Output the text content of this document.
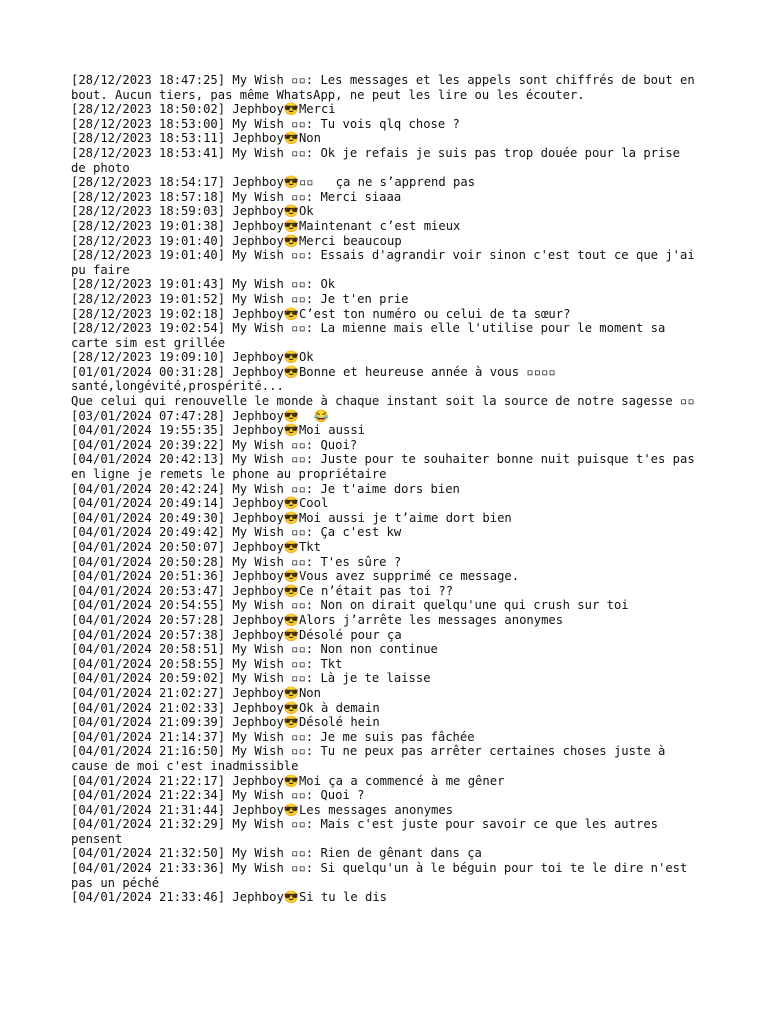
[28/12/2023 18:47:25] My Wish ▫▫: Les messages et les appels sont chiffrés de bout en bout. Aucun tiers, pas même WhatsApp, ne peut les lire ou les écouter.
[28/12/2023 18:50:02] Jephboy😎Merci
[28/12/2023 18:53:00] My Wish ▫▫: Tu vois qlq chose ?
[28/12/2023 18:53:11] Jephboy😎Non
[28/12/2023 18:53:41] My Wish ▫▫: Ok je refais je suis pas trop douée pour la prise de photo
[28/12/2023 18:54:17] Jephboy😎▫▫   ça ne s’apprend pas
[28/12/2023 18:57:18] My Wish ▫▫: Merci siaaa
[28/12/2023 18:59:03] Jephboy😎Ok
[28/12/2023 19:01:38] Jephboy😎Maintenant c’est mieux
[28/12/2023 19:01:40] Jephboy😎Merci beaucoup
[28/12/2023 19:01:40] My Wish ▫▫: Essais d'agrandir voir sinon c'est tout ce que j'ai pu faire
[28/12/2023 19:01:43] My Wish ▫▫: Ok
[28/12/2023 19:01:52] My Wish ▫▫: Je t'en prie
[28/12/2023 19:02:18] Jephboy😎C’est ton numéro ou celui de ta sœur?
[28/12/2023 19:02:54] My Wish ▫▫: La mienne mais elle l'utilise pour le moment sa carte sim est grillée
[28/12/2023 19:09:10] Jephboy😎Ok
[01/01/2024 00:31:28] Jephboy😎Bonne et heureuse année à vous ▫▫▫▫
santé,longévité,prospérité...
Que celui qui renouvelle le monde à chaque instant soit la source de notre sagesse ▫▫
[03/01/2024 07:47:28] Jephboy😎  😂
[04/01/2024 19:55:35] Jephboy😎Moi aussi
[04/01/2024 20:39:22] My Wish ▫▫: Quoi?
[04/01/2024 20:42:13] My Wish ▫▫: Juste pour te souhaiter bonne nuit puisque t'es pas en ligne je remets le phone au propriétaire
[04/01/2024 20:42:24] My Wish ▫▫: Je t'aime dors bien
[04/01/2024 20:49:14] Jephboy😎Cool
[04/01/2024 20:49:30] Jephboy😎Moi aussi je t’aime dort bien
[04/01/2024 20:49:42] My Wish ▫▫: Ça c'est kw
[04/01/2024 20:50:07] Jephboy😎Tkt
[04/01/2024 20:50:28] My Wish ▫▫: T'es sûre ?
[04/01/2024 20:51:36] Jephboy😎Vous avez supprimé ce message.
[04/01/2024 20:53:47] Jephboy😎Ce n’était pas toi ??
[04/01/2024 20:54:55] My Wish ▫▫: Non on dirait quelqu'une qui crush sur toi
[04/01/2024 20:57:28] Jephboy😎Alors j’arrête les messages anonymes
[04/01/2024 20:57:38] Jephboy😎Désolé pour ça
[04/01/2024 20:58:51] My Wish ▫▫: Non non continue
[04/01/2024 20:58:55] My Wish ▫▫: Tkt
[04/01/2024 20:59:02] My Wish ▫▫: Là je te laisse
[04/01/2024 21:02:27] Jephboy😎Non
[04/01/2024 21:02:33] Jephboy😎Ok à demain
[04/01/2024 21:09:39] Jephboy😎Désolé hein
[04/01/2024 21:14:37] My Wish ▫▫: Je me suis pas fâchée
[04/01/2024 21:16:50] My Wish ▫▫: Tu ne peux pas arrêter certaines choses juste à cause de moi c'est inadmissible
[04/01/2024 21:22:17] Jephboy😎Moi ça a commencé à me gêner
[04/01/2024 21:22:34] My Wish ▫▫: Quoi ?
[04/01/2024 21:31:44] Jephboy😎Les messages anonymes
[04/01/2024 21:32:29] My Wish ▫▫: Mais c'est juste pour savoir ce que les autres pensent
[04/01/2024 21:32:50] My Wish ▫▫: Rien de gênant dans ça
[04/01/2024 21:33:36] My Wish ▫▫: Si quelqu'un à le béguin pour toi te le dire n'est pas un péché
[04/01/2024 21:33:46] Jephboy😎Si tu le dis
